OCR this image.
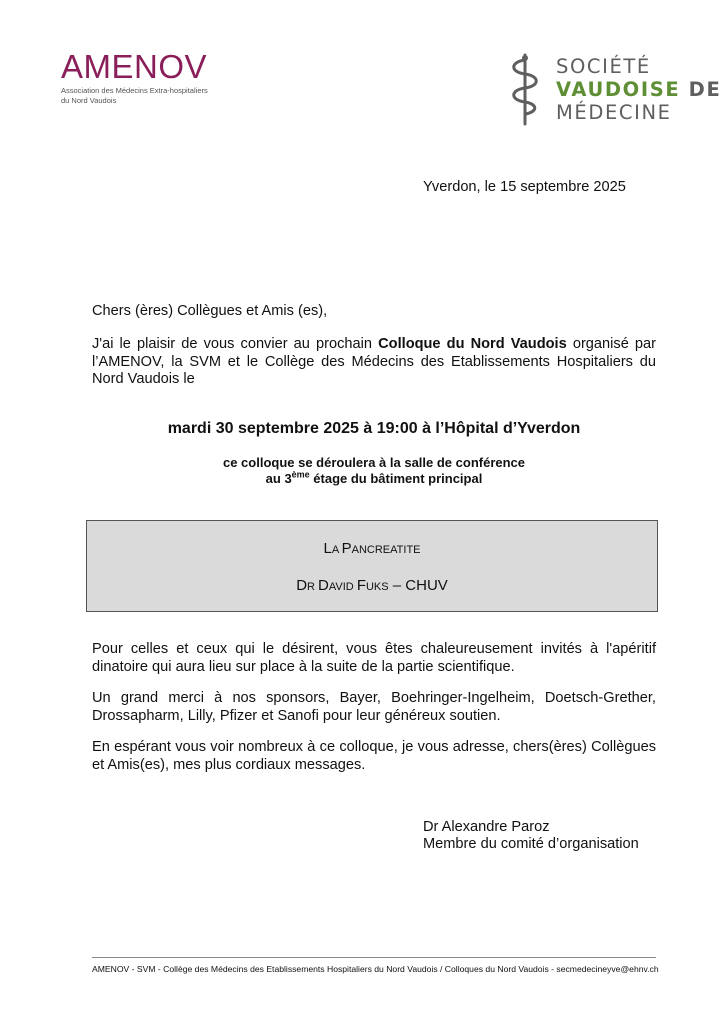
AMENOV
Association des Médecins Extra-hospitaliers du Nord Vaudois
SOCIÉTÉ
VAUDOISE DE
MÉDECINE
Yverdon, le 15 septembre 2025
Chers (ères) Collègues et Amis (es),
J'ai le plaisir de vous convier au prochain Colloque du Nord Vaudois organisé par l’AMENOV, la SVM et le Collège des Médecins des Etablissements Hospitaliers du Nord Vaudois le
mardi 30 septembre 2025 à 19:00 à l’Hôpital d’Yverdon
ce colloque se déroulera à la salle de conférence
au 3ème étage du bâtiment principal
LA PANCREATITE
DR DAVID FUKS – CHUV
Pour celles et ceux qui le désirent, vous êtes chaleureusement invités à l'apéritif dinatoire qui aura lieu sur place à la suite de la partie scientifique.
Un grand merci à nos sponsors, Bayer, Boehringer-Ingelheim, Doetsch-Grether, Drossapharm, Lilly, Pfizer et Sanofi pour leur généreux soutien.
En espérant vous voir nombreux à ce colloque, je vous adresse, chers(ères) Collègues et Amis(es), mes plus cordiaux messages.
Dr Alexandre Paroz
Membre du comité d’organisation
AMENOV - SVM - Collège des Médecins des Etablissements Hospitaliers du Nord Vaudois / Colloques du Nord Vaudois - secmedecineyve@ehnv.ch
